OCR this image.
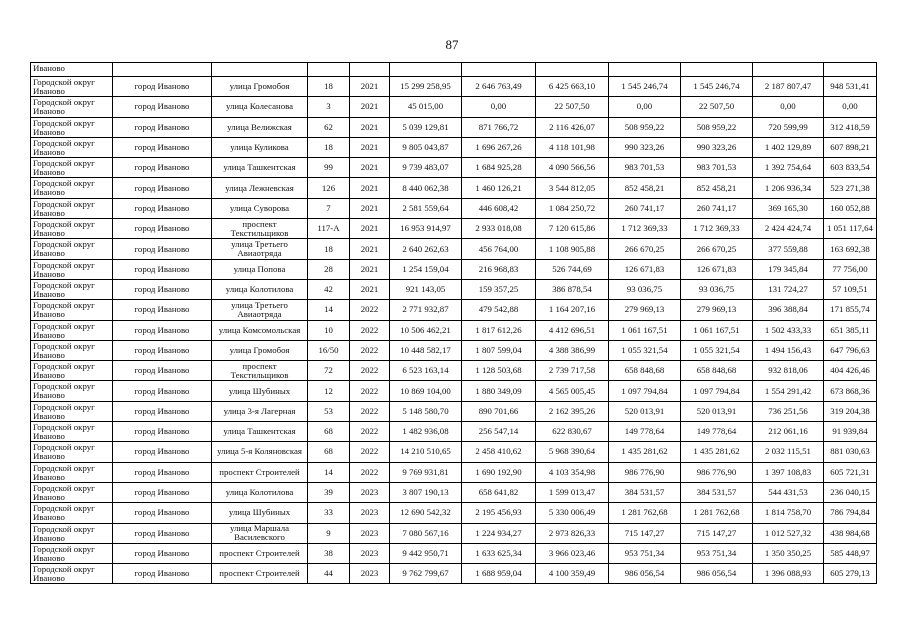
87
Иваново											
Городской округ Иваново	город Иваново	улица Громобоя	18	2021	15 299 258,95	2 646 763,49	6 425 663,10	1 545 246,74	1 545 246,74	2 187 807,47	948 531,41
Городской округ Иваново	город Иваново	улица Колесанова	3	2021	45 015,00	0,00	22 507,50	0,00	22 507,50	0,00	0,00
Городской округ Иваново	город Иваново	улица Велижская	62	2021	5 039 129,81	871 766,72	2 116 426,07	508 959,22	508 959,22	720 599,99	312 418,59
Городской округ Иваново	город Иваново	улица Куликова	18	2021	9 805 043,87	1 696 267,26	4 118 101,98	990 323,26	990 323,26	1 402 129,89	607 898,21
Городской округ Иваново	город Иваново	улица Ташкентская	99	2021	9 739 483,07	1 684 925,28	4 090 566,56	983 701,53	983 701,53	1 392 754,64	603 833,54
Городской округ Иваново	город Иваново	улица Лежневская	126	2021	8 440 062,38	1 460 126,21	3 544 812,05	852 458,21	852 458,21	1 206 936,34	523 271,38
Городской округ Иваново	город Иваново	улица Суворова	7	2021	2 581 559,64	446 608,42	1 084 250,72	260 741,17	260 741,17	369 165,30	160 052,88
Городской округ Иваново	город Иваново	проспект Текстильщиков	117-А	2021	16 953 914,97	2 933 018,08	7 120 615,86	1 712 369,33	1 712 369,33	2 424 424,74	1 051 117,64
Городской округ Иваново	город Иваново	улица Третьего Авиаотряда	18	2021	2 640 262,63	456 764,00	1 108 905,88	266 670,25	266 670,25	377 559,88	163 692,38
Городской округ Иваново	город Иваново	улица Попова	28	2021	1 254 159,04	216 968,83	526 744,69	126 671,83	126 671,83	179 345,84	77 756,00
Городской округ Иваново	город Иваново	улица Колотилова	42	2021	921 143,05	159 357,25	386 878,54	93 036,75	93 036,75	131 724,27	57 109,51
Городской округ Иваново	город Иваново	улица Третьего Авиаотряда	14	2022	2 771 932,87	479 542,88	1 164 207,16	279 969,13	279 969,13	396 388,84	171 855,74
Городской округ Иваново	город Иваново	улица Комсомольская	10	2022	10 506 462,21	1 817 612,26	4 412 696,51	1 061 167,51	1 061 167,51	1 502 433,33	651 385,11
Городской округ Иваново	город Иваново	улица Громобоя	16/50	2022	10 448 582,17	1 807 599,04	4 388 386,99	1 055 321,54	1 055 321,54	1 494 156,43	647 796,63
Городской округ Иваново	город Иваново	проспект Текстильщиков	72	2022	6 523 163,14	1 128 503,68	2 739 717,58	658 848,68	658 848,68	932 818,06	404 426,46
Городской округ Иваново	город Иваново	улица Шубиных	12	2022	10 869 104,00	1 880 349,09	4 565 005,45	1 097 794,84	1 097 794,84	1 554 291,42	673 868,36
Городской округ Иваново	город Иваново	улица 3-я Лагерная	53	2022	5 148 580,70	890 701,66	2 162 395,26	520 013,91	520 013,91	736 251,56	319 204,38
Городской округ Иваново	город Иваново	улица Ташкентская	68	2022	1 482 936,08	256 547,14	622 830,67	149 778,64	149 778,64	212 061,16	91 939,84
Городской округ Иваново	город Иваново	улица 5-я Коляновская	68	2022	14 210 510,65	2 458 410,62	5 968 390,64	1 435 281,62	1 435 281,62	2 032 115,51	881 030,63
Городской округ Иваново	город Иваново	проспект Строителей	14	2022	9 769 931,81	1 690 192,90	4 103 354,98	986 776,90	986 776,90	1 397 108,83	605 721,31
Городской округ Иваново	город Иваново	улица Колотилова	39	2023	3 807 190,13	658 641,82	1 599 013,47	384 531,57	384 531,57	544 431,53	236 040,15
Городской округ Иваново	город Иваново	улица Шубиных	33	2023	12 690 542,32	2 195 456,93	5 330 006,49	1 281 762,68	1 281 762,68	1 814 758,70	786 794,84
Городской округ Иваново	город Иваново	улица Маршала Василевского	9	2023	7 080 567,16	1 224 934,27	2 973 826,33	715 147,27	715 147,27	1 012 527,32	438 984,68
Городской округ Иваново	город Иваново	проспект Строителей	38	2023	9 442 950,71	1 633 625,34	3 966 023,46	953 751,34	953 751,34	1 350 350,25	585 448,97
Городской округ Иваново	город Иваново	проспект Строителей	44	2023	9 762 799,67	1 688 959,04	4 100 359,49	986 056,54	986 056,54	1 396 088,93	605 279,13
